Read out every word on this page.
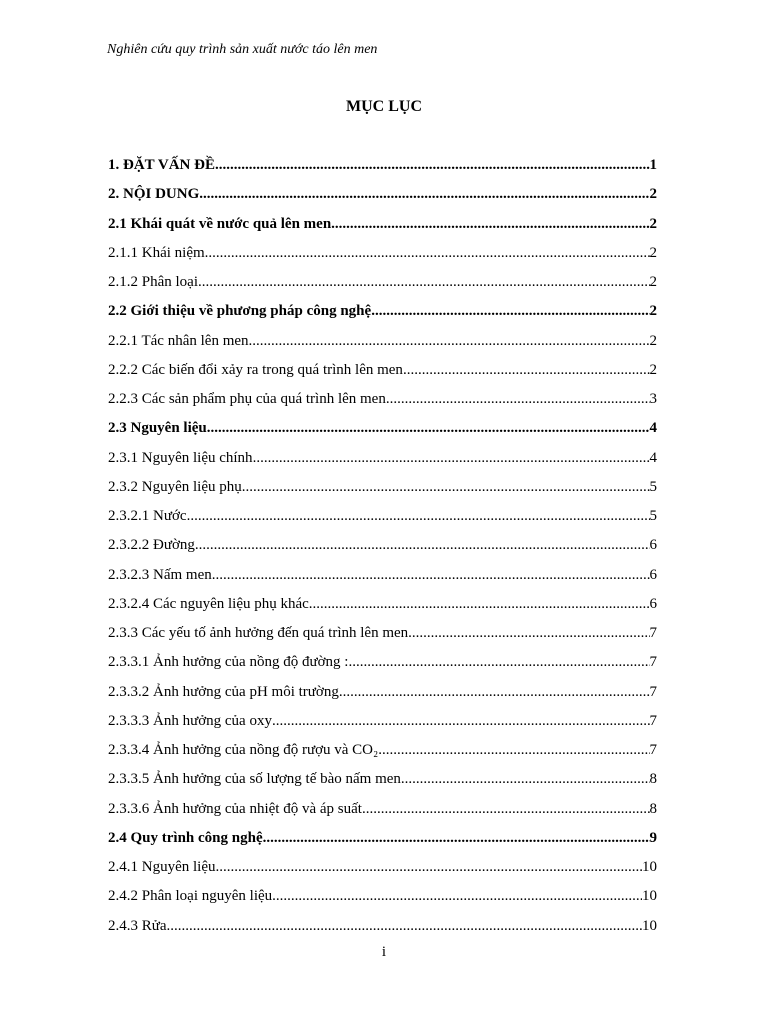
Nghiên cứu quy trình sản xuất nước táo lên men
MỤC LỤC
1. ĐẶT VẤN ĐỀ .....	1
2. NỘI DUNG .....	2
2.1 Khái quát về nước quả lên men .....	2
2.1.1 Khái niệm .....	2
2.1.2 Phân loại .....	2
2.2 Giới thiệu về phương pháp công nghệ .....	2
2.2.1 Tác nhân lên men .....	2
2.2.2 Các biến đổi xảy ra trong quá trình lên men .....	2
2.2.3 Các sản phẩm phụ của quá trình lên men .....	3
2.3 Nguyên liệu .....	4
2.3.1 Nguyên liệu chính .....	4
2.3.2 Nguyên liệu phụ .....	5
2.3.2.1 Nước .....	5
2.3.2.2 Đường .....	6
2.3.2.3 Nấm men .....	6
2.3.2.4 Các nguyên liệu phụ khác .....	6
2.3.3 Các yếu tố ảnh hưởng đến quá trình lên men .....	7
2.3.3.1 Ảnh hưởng của nồng độ đường : .....	7
2.3.3.2 Ảnh hưởng của pH môi trường .....	7
2.3.3.3 Ảnh hưởng của oxy .....	7
2.3.3.4 Ảnh hưởng của nồng độ rượu và CO₂ .....	7
2.3.3.5 Ảnh hưởng của số lượng tế bào nấm men .....	8
2.3.3.6 Ảnh hưởng của nhiệt độ và áp suất .....	8
2.4 Quy trình công nghệ .....	9
2.4.1 Nguyên liệu .....	10
2.4.2 Phân loại nguyên liệu .....	10
2.4.3 Rửa .....	10
i
